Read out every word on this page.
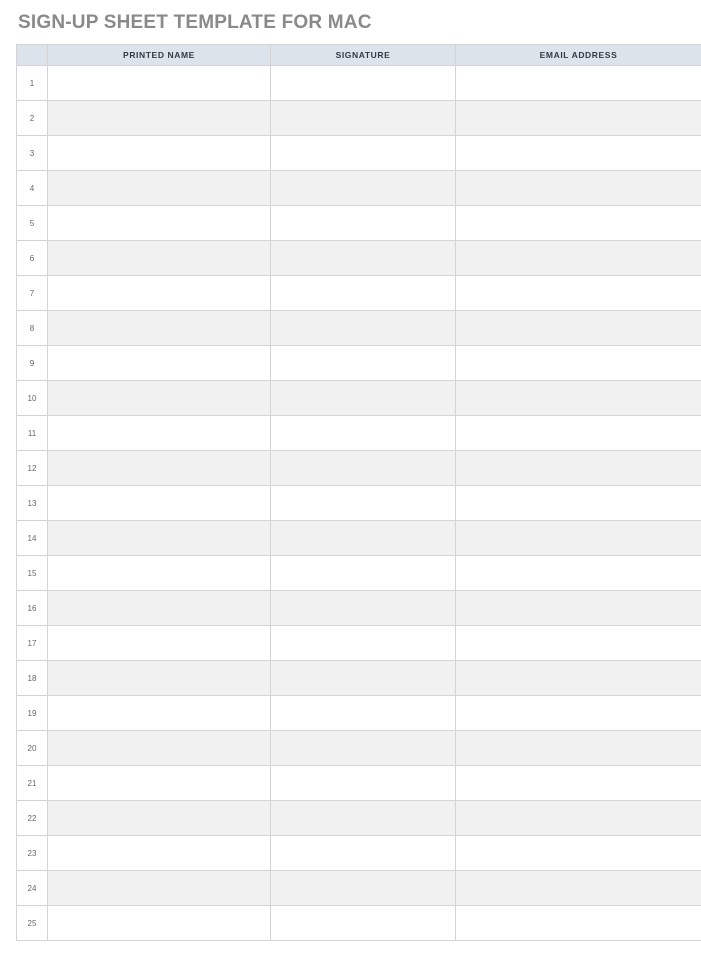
SIGN-UP SHEET TEMPLATE FOR MAC
	PRINTED NAME	SIGNATURE	EMAIL ADDRESS
1			
2			
3			
4			
5			
6			
7			
8			
9			
10			
11			
12			
13			
14			
15			
16			
17			
18			
19			
20			
21			
22			
23			
24			
25			
